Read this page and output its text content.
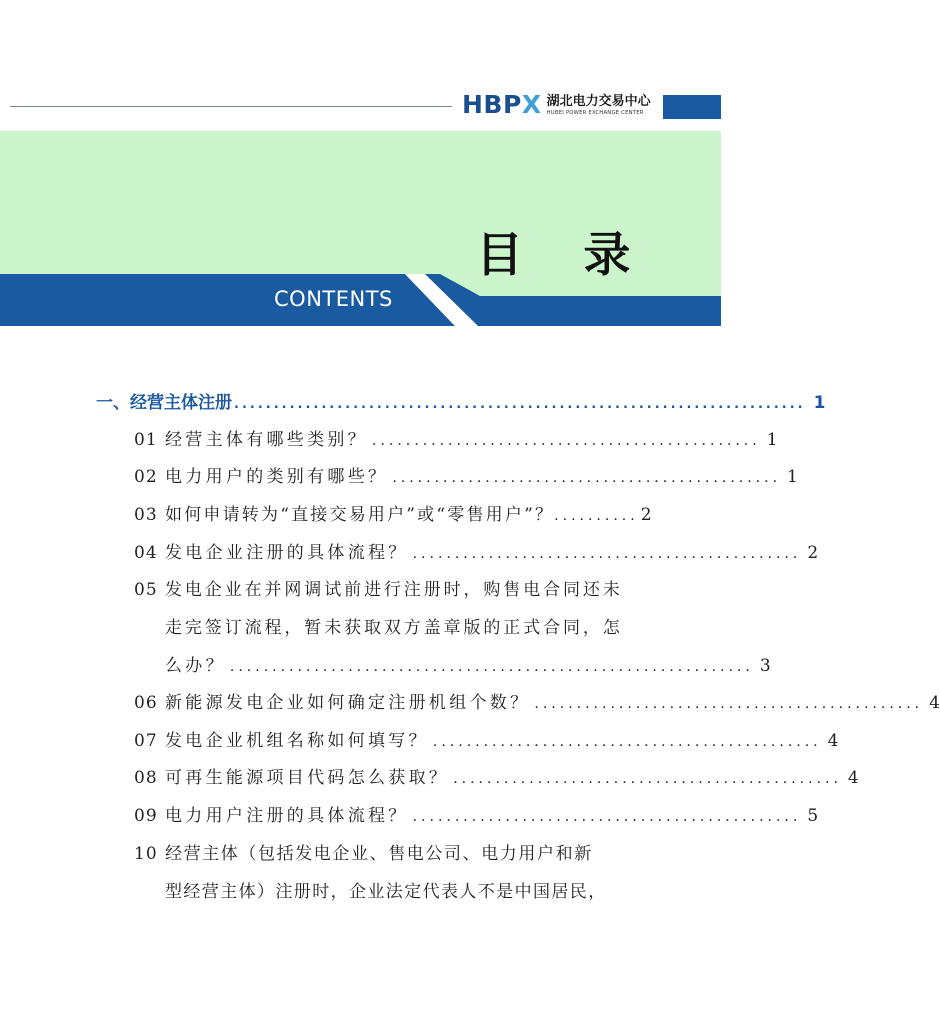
HBPX 湖北电力交易中心
HUBEI POWER EXCHANGE CENTER
目 录
CONTENTS
一、经营主体注册 ........................................................................ 1
01 经营主体有哪些类别？ .............................................. 1
02 电力用户的类别有哪些？ .............................................. 1
03 如何申请转为“直接交易用户”或“零售用户”？ .......... 2
04 发电企业注册的具体流程？ .............................................. 2
05 发电企业在并网调试前进行注册时，购售电合同还未
走完签订流程，暂未获取双方盖章版的正式合同，怎
么办？ .............................................................. 3
06 新能源发电企业如何确定注册机组个数？ .............................................. 4
07 发电企业机组名称如何填写？ .............................................. 4
08 可再生能源项目代码怎么获取？ .............................................. 4
09 电力用户注册的具体流程？ .............................................. 5
10 经营主体（包括发电企业、售电公司、电力用户和新
型经营主体）注册时，企业法定代表人不是中国居民，
